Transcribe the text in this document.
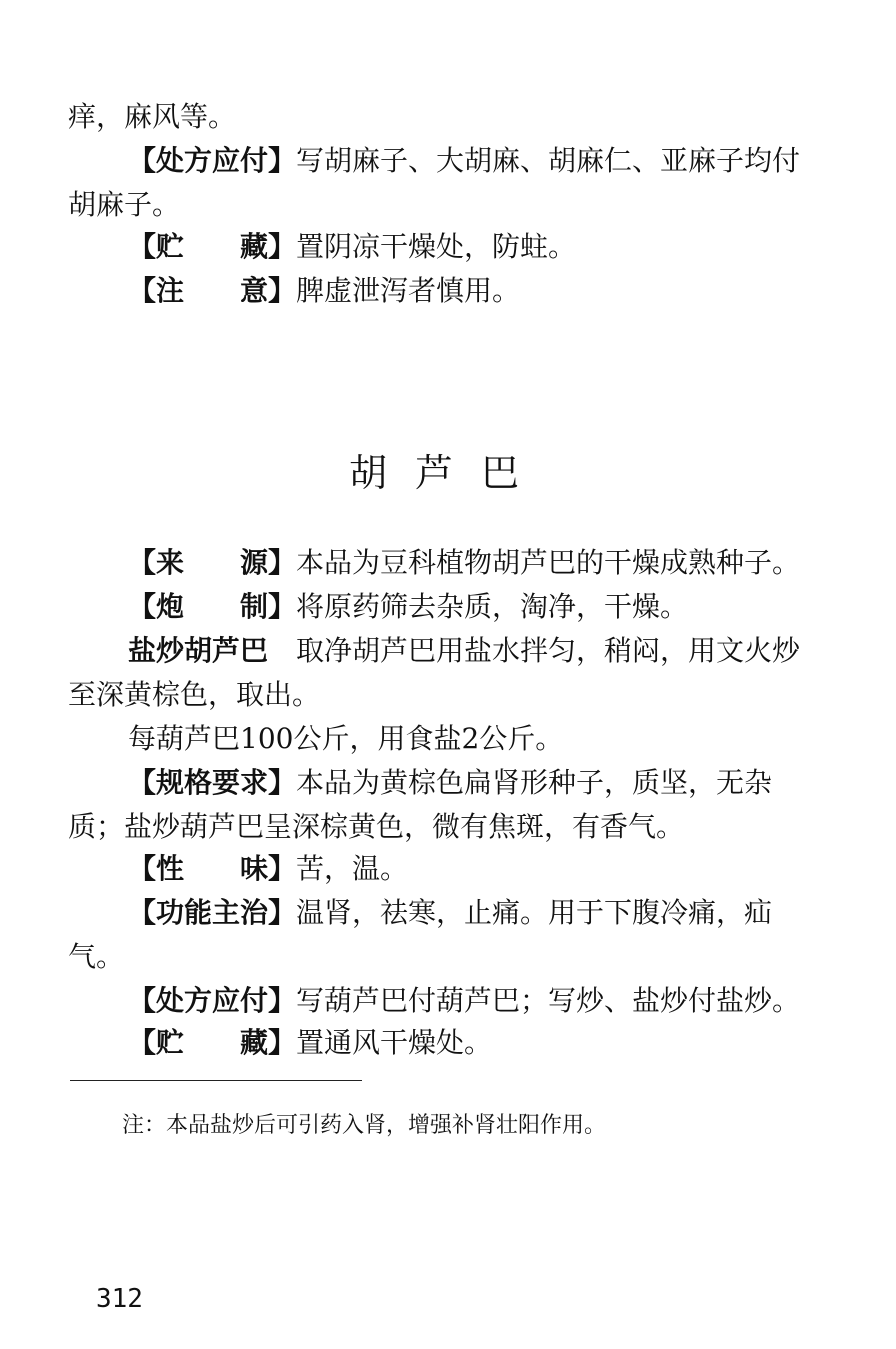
痒，麻风等。
【处方应付】写胡麻子、大胡麻、胡麻仁、亚麻子均付
胡麻子。
【贮　　藏】置阴凉干燥处，防蛀。
【注　　意】脾虚泄泻者慎用。
胡芦巴
【来　　源】本品为豆科植物胡芦巴的干燥成熟种子。
【炮　　制】将原药筛去杂质，淘净，干燥。
盐炒胡芦巴　 取净胡芦巴用盐水拌匀，稍闷，用文火炒
至深黄棕色，取出。
每葫芦巴100公斤，用食盐2公斤。
【规格要求】本品为黄棕色扁肾形种子，质坚，无杂
质；盐炒葫芦巴呈深棕黄色，微有焦斑，有香气。
【性　　味】苦，温。
【功能主治】温肾，祛寒，止痛。用于下腹冷痛，疝
气。
【处方应付】写葫芦巴付葫芦巴；写炒、盐炒付盐炒。
【贮　　藏】置通风干燥处。
注：本品盐炒后可引药入肾，增强补肾壮阳作用。
312
